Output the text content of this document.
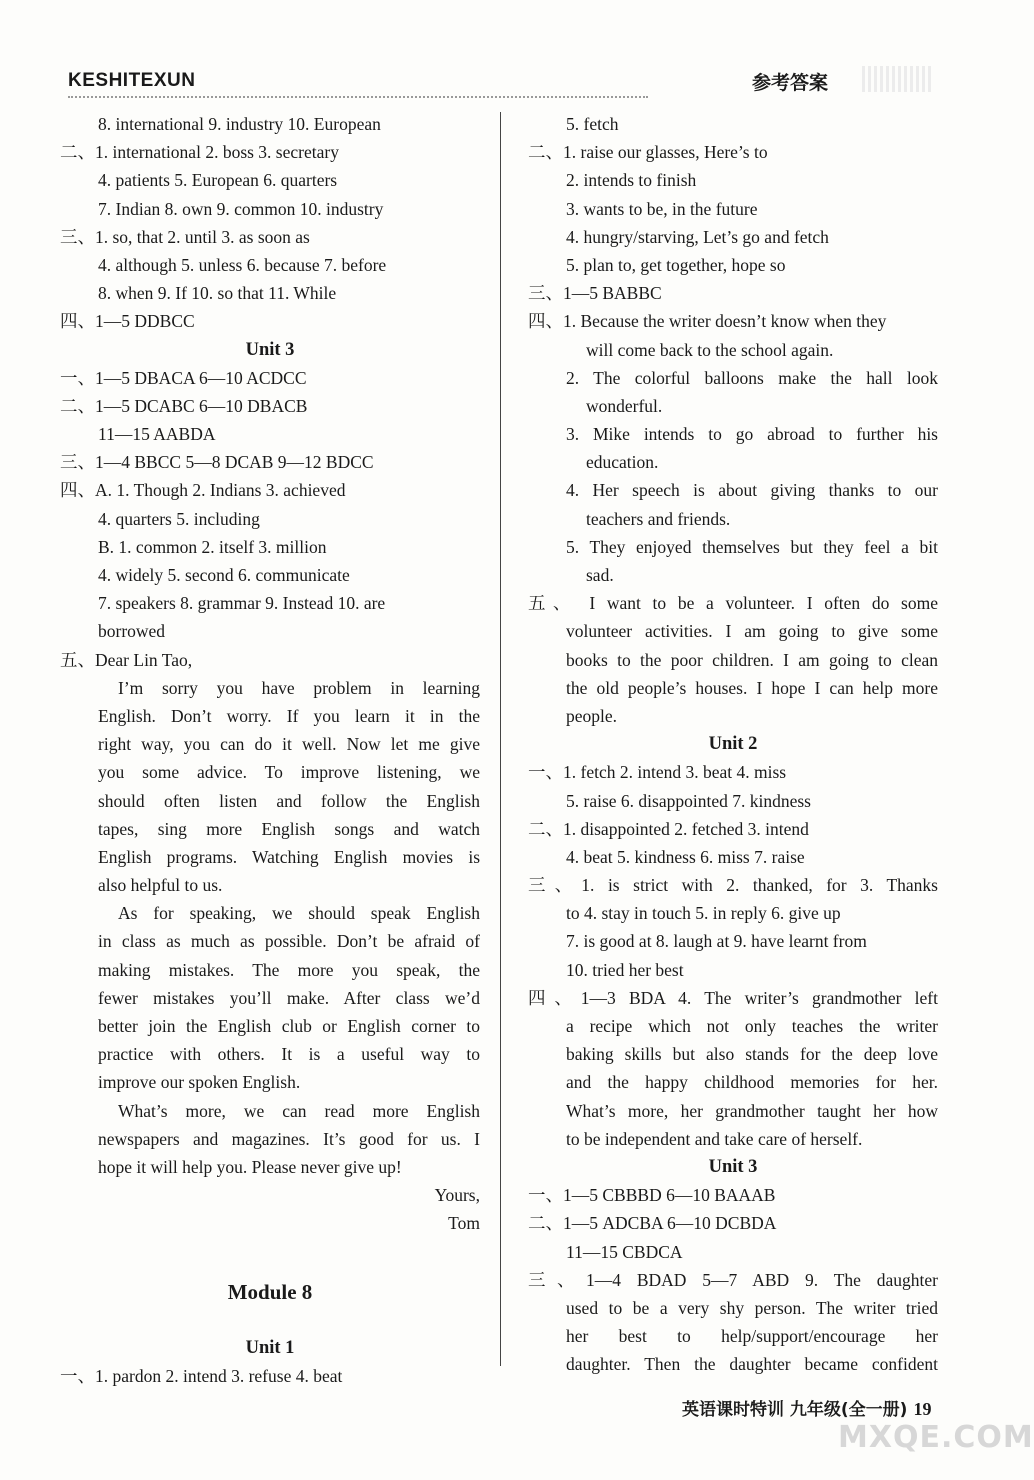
KESHITEXUN	参考答案
8. international 9. industry 10. European
二、1. international 2. boss 3. secretary
4. patients 5. European 6. quarters
7. Indian 8. own 9. common 10. industry
三、1. so, that 2. until 3. as soon as
4. although 5. unless 6. because 7. before
8. when 9. If 10. so that 11. While
四、1—5 DDBCC
Unit 3
一、1—5 DBACA 6—10 ACDCC
二、1—5 DCABC 6—10 DBACB
11—15 AABDA
三、1—4 BBCC 5—8 DCAB 9—12 BDCC
四、A. 1. Though 2. Indians 3. achieved
4. quarters 5. including
B. 1. common 2. itself 3. million
4. widely 5. second 6. communicate
7. speakers 8. grammar 9. Instead 10. are
borrowed
五、Dear Lin Tao,
I’m sorry you have problem in learning
English. Don’t worry. If you learn it in the
right way, you can do it well. Now let me give
you some advice. To improve listening, we
should often listen and follow the English
tapes, sing more English songs and watch
English programs. Watching English movies is
also helpful to us.
As for speaking, we should speak English
in class as much as possible. Don’t be afraid of
making mistakes. The more you speak, the
fewer mistakes you’ll make. After class we’d
better join the English club or English corner to
practice with others. It is a useful way to
improve our spoken English.
What’s more, we can read more English
newspapers and magazines. It’s good for us. I
hope it will help you. Please never give up!
Yours,
Tom
Module 8
Unit 1
一、1. pardon 2. intend 3. refuse 4. beat
5. fetch
二、1. raise our glasses, Here’s to
2. intends to finish
3. wants to be, in the future
4. hungry/starving, Let’s go and fetch
5. plan to, get together, hope so
三、1—5 BABBC
四、1. Because the writer doesn’t know when they
will come back to the school again.
2. The colorful balloons make the hall look
wonderful.
3. Mike intends to go abroad to further his
education.
4. Her speech is about giving thanks to our
teachers and friends.
5. They enjoyed themselves but they feel a bit
sad.
五、 I want to be a volunteer. I often do some
volunteer activities. I am going to give some
books to the poor children. I am going to clean
the old people’s houses. I hope I can help more
people.
Unit 2
一、1. fetch 2. intend 3. beat 4. miss
5. raise 6. disappointed 7. kindness
二、1. disappointed 2. fetched 3. intend
4. beat 5. kindness 6. miss 7. raise
三、1. is strict with 2. thanked, for 3. Thanks
to 4. stay in touch 5. in reply 6. give up
7. is good at 8. laugh at 9. have learnt from
10. tried her best
四、1—3 BDA 4. The writer’s grandmother left
a recipe which not only teaches the writer
baking skills but also stands for the deep love
and the happy childhood memories for her.
What’s more, her grandmother taught her how
to be independent and take care of herself.
Unit 3
一、1—5 CBBBD 6—10 BAAAB
二、1—5 ADCBA 6—10 DCBDA
11—15 CBDCA
三、1—4 BDAD 5—7 ABD 9. The daughter
used to be a very shy person. The writer tried
her best to help/support/encourage her
daughter. Then the daughter became confident
英语课时特训 九年级(全一册) 19
MXQE.COM
